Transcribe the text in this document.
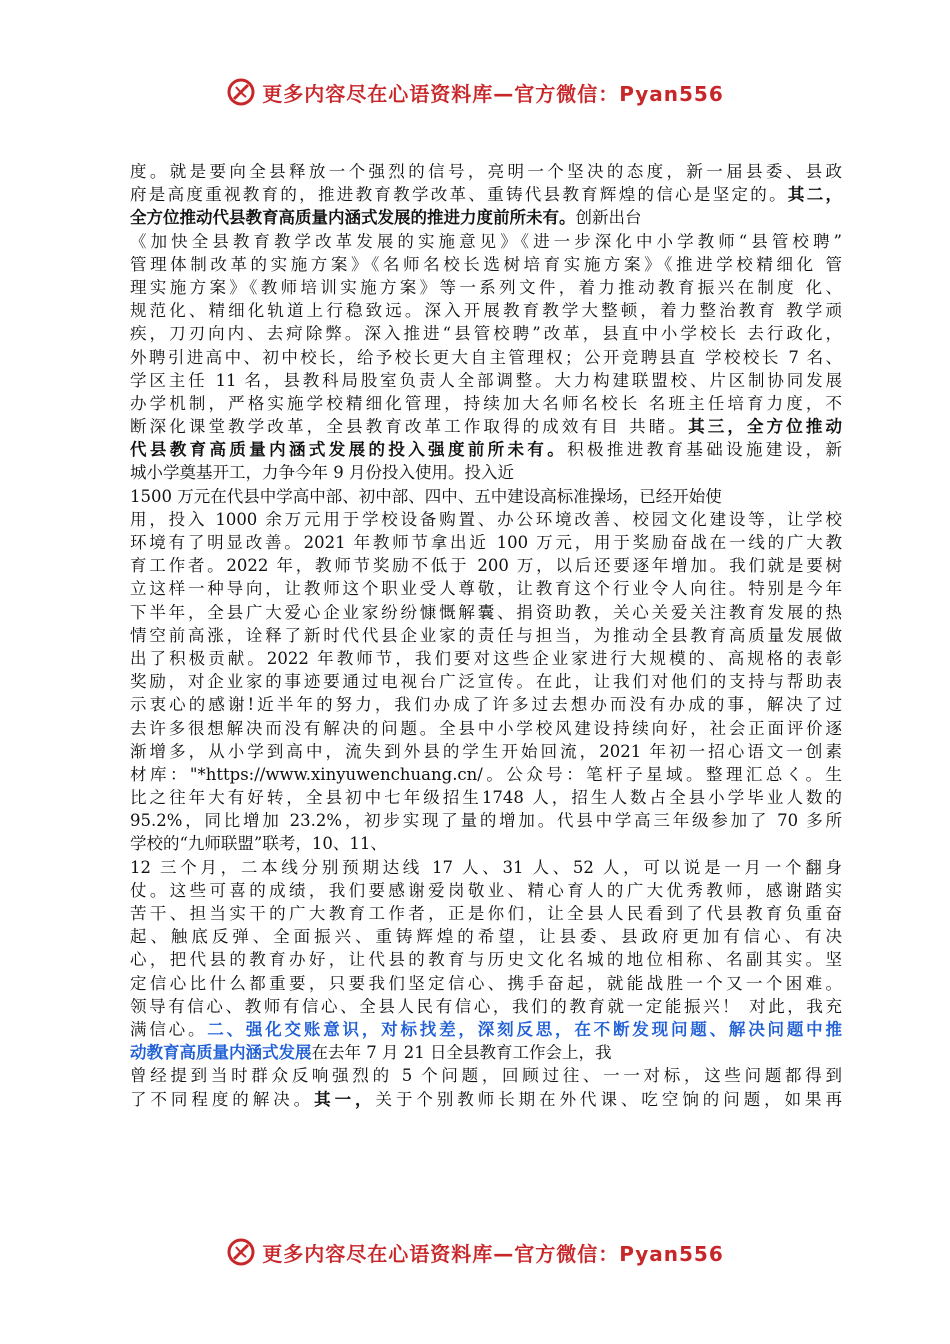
更多内容尽在心语资料库—官方微信：Pyan556
度。就是要向全县释放一个强烈的信号，亮明一个坚决的态度，新一届县委、县政
府是高度重视教育的，推进教育教学改革、重铸代县教育辉煌的信心是坚定的。其二，
全方位推动代县教育高质量内涵式发展的推进力度前所未有。创新出台
《加快全县教育教学改革发展的实施意见》《进一步深化中小学教师“县管校聘”
管理体制改革的实施方案》《名师名校长选树培育实施方案》《推进学校精细化 管
理实施方案》《教师培训实施方案》等一系列文件，着力推动教育振兴在制度 化、
规范化、精细化轨道上行稳致远。深入开展教育教学大整顿，着力整治教育 教学顽
疾，刀刃向内、去疴除弊。深入推进“县管校聘”改革，县直中小学校长 去行政化，
外聘引进高中、初中校长，给予校长更大自主管理权；公开竞聘县直 学校校长 7 名、
学区主任 11 名，县教科局股室负责人全部调整。大力构建联盟校、片区制协同发展
办学机制，严格实施学校精细化管理，持续加大名师名校长 名班主任培育力度，不
断深化课堂教学改革，全县教育改革工作取得的成效有目 共睹。其三，全方位推动
代县教育高质量内涵式发展的投入强度前所未有。积极推进教育基础设施建设，新
城小学奠基开工，力争今年 9 月份投入使用。投入近
1500 万元在代县中学高中部、初中部、四中、五中建设高标准操场，已经开始使
用，投入 1000 余万元用于学校设备购置、办公环境改善、校园文化建设等，让学校
环境有了明显改善。2021 年教师节拿出近 100 万元，用于奖励奋战在一线的广大教
育工作者。2022 年，教师节奖励不低于 200 万，以后还要逐年增加。我们就是要树
立这样一种导向，让教师这个职业受人尊敬，让教育这个行业令人向往。特别是今年
下半年，全县广大爱心企业家纷纷慷慨解囊、捐资助教，关心关爱关注教育发展的热
情空前高涨，诠释了新时代代县企业家的责任与担当，为推动全县教育高质量发展做
出了积极贡献。2022 年教师节，我们要对这些企业家进行大规模的、高规格的表彰
奖励，对企业家的事迹要通过电视台广泛宣传。在此，让我们对他们的支持与帮助表
示衷心的感谢!近半年的努力，我们办成了许多过去想办而没有办成的事，解决了过
去许多很想解决而没有解决的问题。全县中小学校风建设持续向好，社会正面评价逐
渐增多，从小学到高中，流失到外县的学生开始回流，2021 年初一招心语文一创素
材库："*https://www.xinyuwenchuang.cn/。公众号：笔杆子星域。整理汇总く。生
比之往年大有好转，全县初中七年级招生1748 人，招生人数占全县小学毕业人数的
95.2%，同比增加 23.2%，初步实现了量的增加。代县中学高三年级参加了 70 多所
学校的“九师联盟”联考，10、11、
12 三个月，二本线分别预期达线 17 人、31 人、52 人，可以说是一月一个翻身
仗。这些可喜的成绩，我们要感谢爱岗敬业、精心育人的广大优秀教师，感谢踏实
苦干、担当实干的广大教育工作者，正是你们，让全县人民看到了代县教育负重奋
起、触底反弹、全面振兴、重铸辉煌的希望，让县委、县政府更加有信心、有决
心，把代县的教育办好，让代县的教育与历史文化名城的地位相称、名副其实。坚
定信心比什么都重要，只要我们坚定信心、携手奋起，就能战胜一个又一个困难。
领导有信心、教师有信心、全县人民有信心，我们的教育就一定能振兴！ 对此，我充
满信心。二、强化交账意识，对标找差，深刻反思，在不断发现问题、解决问题中推
动教育高质量内涵式发展在去年 7 月 21 日全县教育工作会上，我
曾经提到当时群众反响强烈的 5 个问题，回顾过往、一一对标，这些问题都得到
了不同程度的解决。其一，关于个别教师长期在外代课、吃空饷的问题，如果再
更多内容尽在心语资料库—官方微信：Pyan556
